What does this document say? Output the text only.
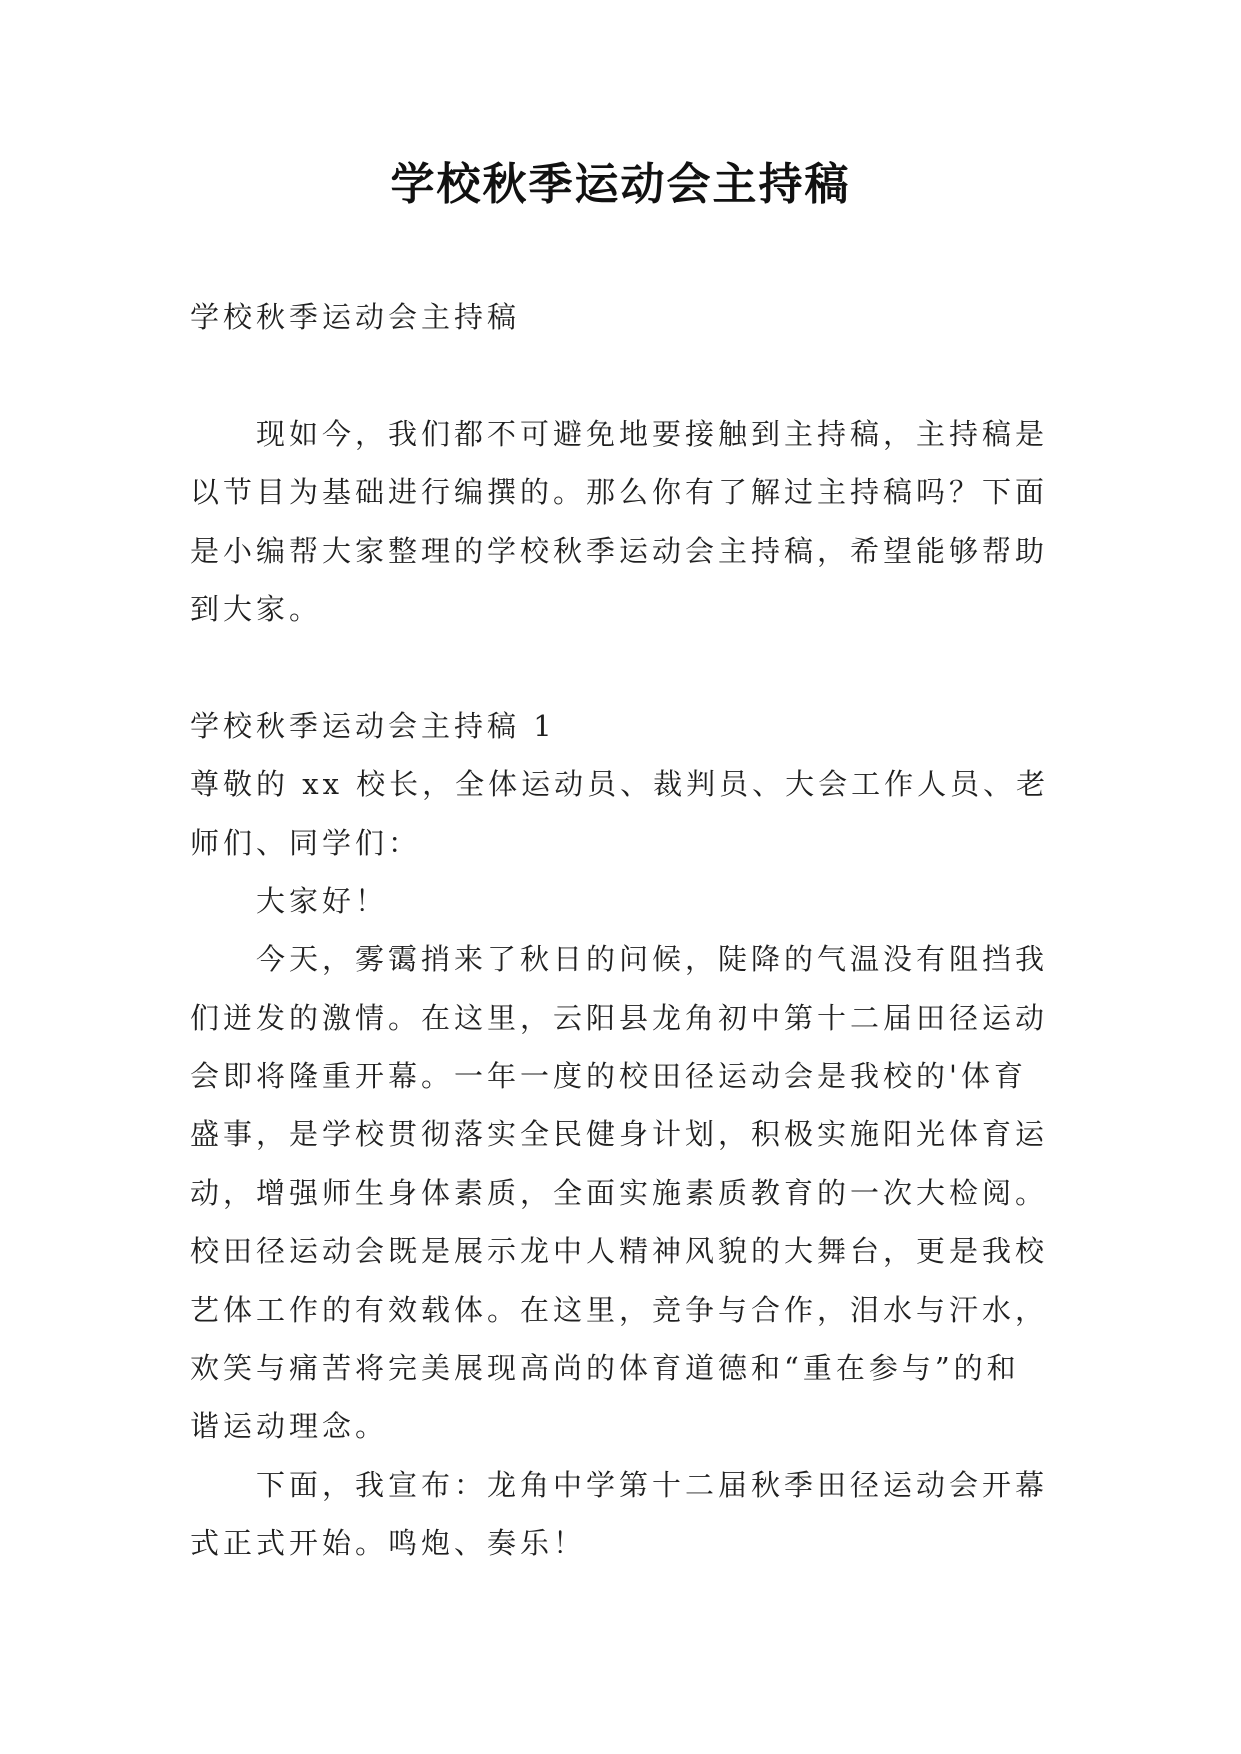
学校秋季运动会主持稿
学校秋季运动会主持稿
现如今，我们都不可避免地要接触到主持稿，主持稿是
以节目为基础进行编撰的。那么你有了解过主持稿吗？下面
是小编帮大家整理的学校秋季运动会主持稿，希望能够帮助
到大家。
学校秋季运动会主持稿 1
尊敬的 xx 校长，全体运动员、裁判员、大会工作人员、老
师们、同学们：
大家好！
今天，雾霭捎来了秋日的问候，陡降的气温没有阻挡我
们迸发的激情。在这里，云阳县龙角初中第十二届田径运动
会即将隆重开幕。一年一度的校田径运动会是我校的'体育
盛事，是学校贯彻落实全民健身计划，积极实施阳光体育运
动，增强师生身体素质，全面实施素质教育的一次大检阅。
校田径运动会既是展示龙中人精神风貌的大舞台，更是我校
艺体工作的有效载体。在这里，竞争与合作，泪水与汗水，
欢笑与痛苦将完美展现高尚的体育道德和“重在参与”的和
谐运动理念。
下面，我宣布：龙角中学第十二届秋季田径运动会开幕
式正式开始。鸣炮、奏乐！
